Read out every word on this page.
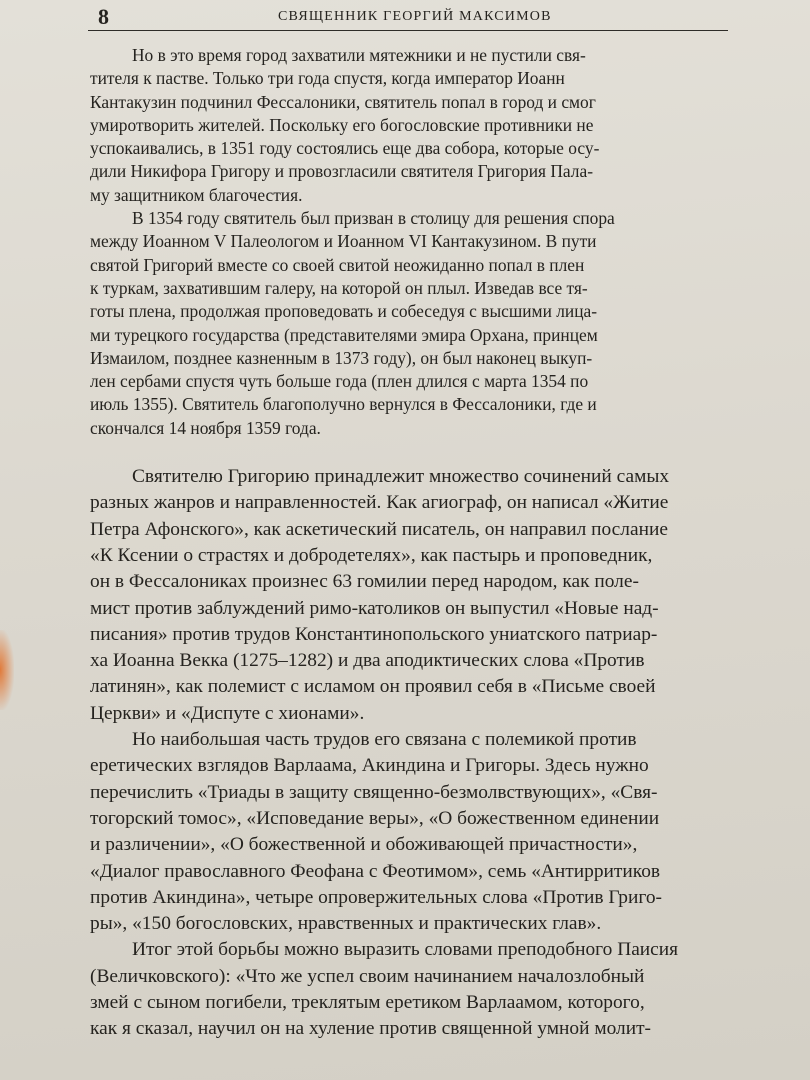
8	СВЯЩЕННИК ГЕОРГИЙ МАКСИМОВ

Но в это время город захватили мятежники и не пустили свя-
тителя к пастве. Только три года спустя, когда император Иоанн
Кантакузин подчинил Фессалоники, святитель попал в город и смог
умиротворить жителей. Поскольку его богословские противники не
успокаивались, в 1351 году состоялись еще два собора, которые осу-
дили Никифора Григору и провозгласили святителя Григория Пала-
му защитником благочестия.

В 1354 году святитель был призван в столицу для решения спора
между Иоанном V Палеологом и Иоанном VI Кантакузином. В пути
святой Григорий вместе со своей свитой неожиданно попал в плен
к туркам, захватившим галеру, на которой он плыл. Изведав все тя-
готы плена, продолжая проповедовать и собеседуя с высшими лица-
ми турецкого государства (представителями эмира Орхана, принцем
Измаилом, позднее казненным в 1373 году), он был наконец выкуп-
лен сербами спустя чуть больше года (плен длился с марта 1354 по
июль 1355). Святитель благополучно вернулся в Фессалоники, где и
скончался 14 ноября 1359 года.

Святителю Григорию принадлежит множество сочинений самых
разных жанров и направленностей. Как агиограф, он написал «Житие
Петра Афонского», как аскетический писатель, он направил послание
«К Ксении о страстях и добродетелях», как пастырь и проповедник,
он в Фессалониках произнес 63 гомилии перед народом, как поле-
мист против заблуждений римо-католиков он выпустил «Новые над-
писания» против трудов Константинопольского униатского патриар-
ха Иоанна Векка (1275–1282) и два аподиктических слова «Против
латинян», как полемист с исламом он проявил себя в «Письме своей
Церкви» и «Диспуте с хионами».

Но наибольшая часть трудов его связана с полемикой против
еретических взглядов Варлаама, Акиндина и Григоры. Здесь нужно
перечислить «Триады в защиту священно-безмолвствующих», «Свя-
тогорский томос», «Исповедание веры», «О божественном единении
и различении», «О божественной и обоживающей причастности»,
«Диалог православного Феофана с Феотимом», семь «Антирритиков
против Акиндина», четыре опровержительных слова «Против Григо-
ры», «150 богословских, нравственных и практических глав».

Итог этой борьбы можно выразить словами преподобного Паисия
(Величковского): «Что же успел своим начинанием началозлобный
змей с сыном погибели, треклятым еретиком Варлаамом, которого,
как я сказал, научил он на хуление против священной умной молит-
